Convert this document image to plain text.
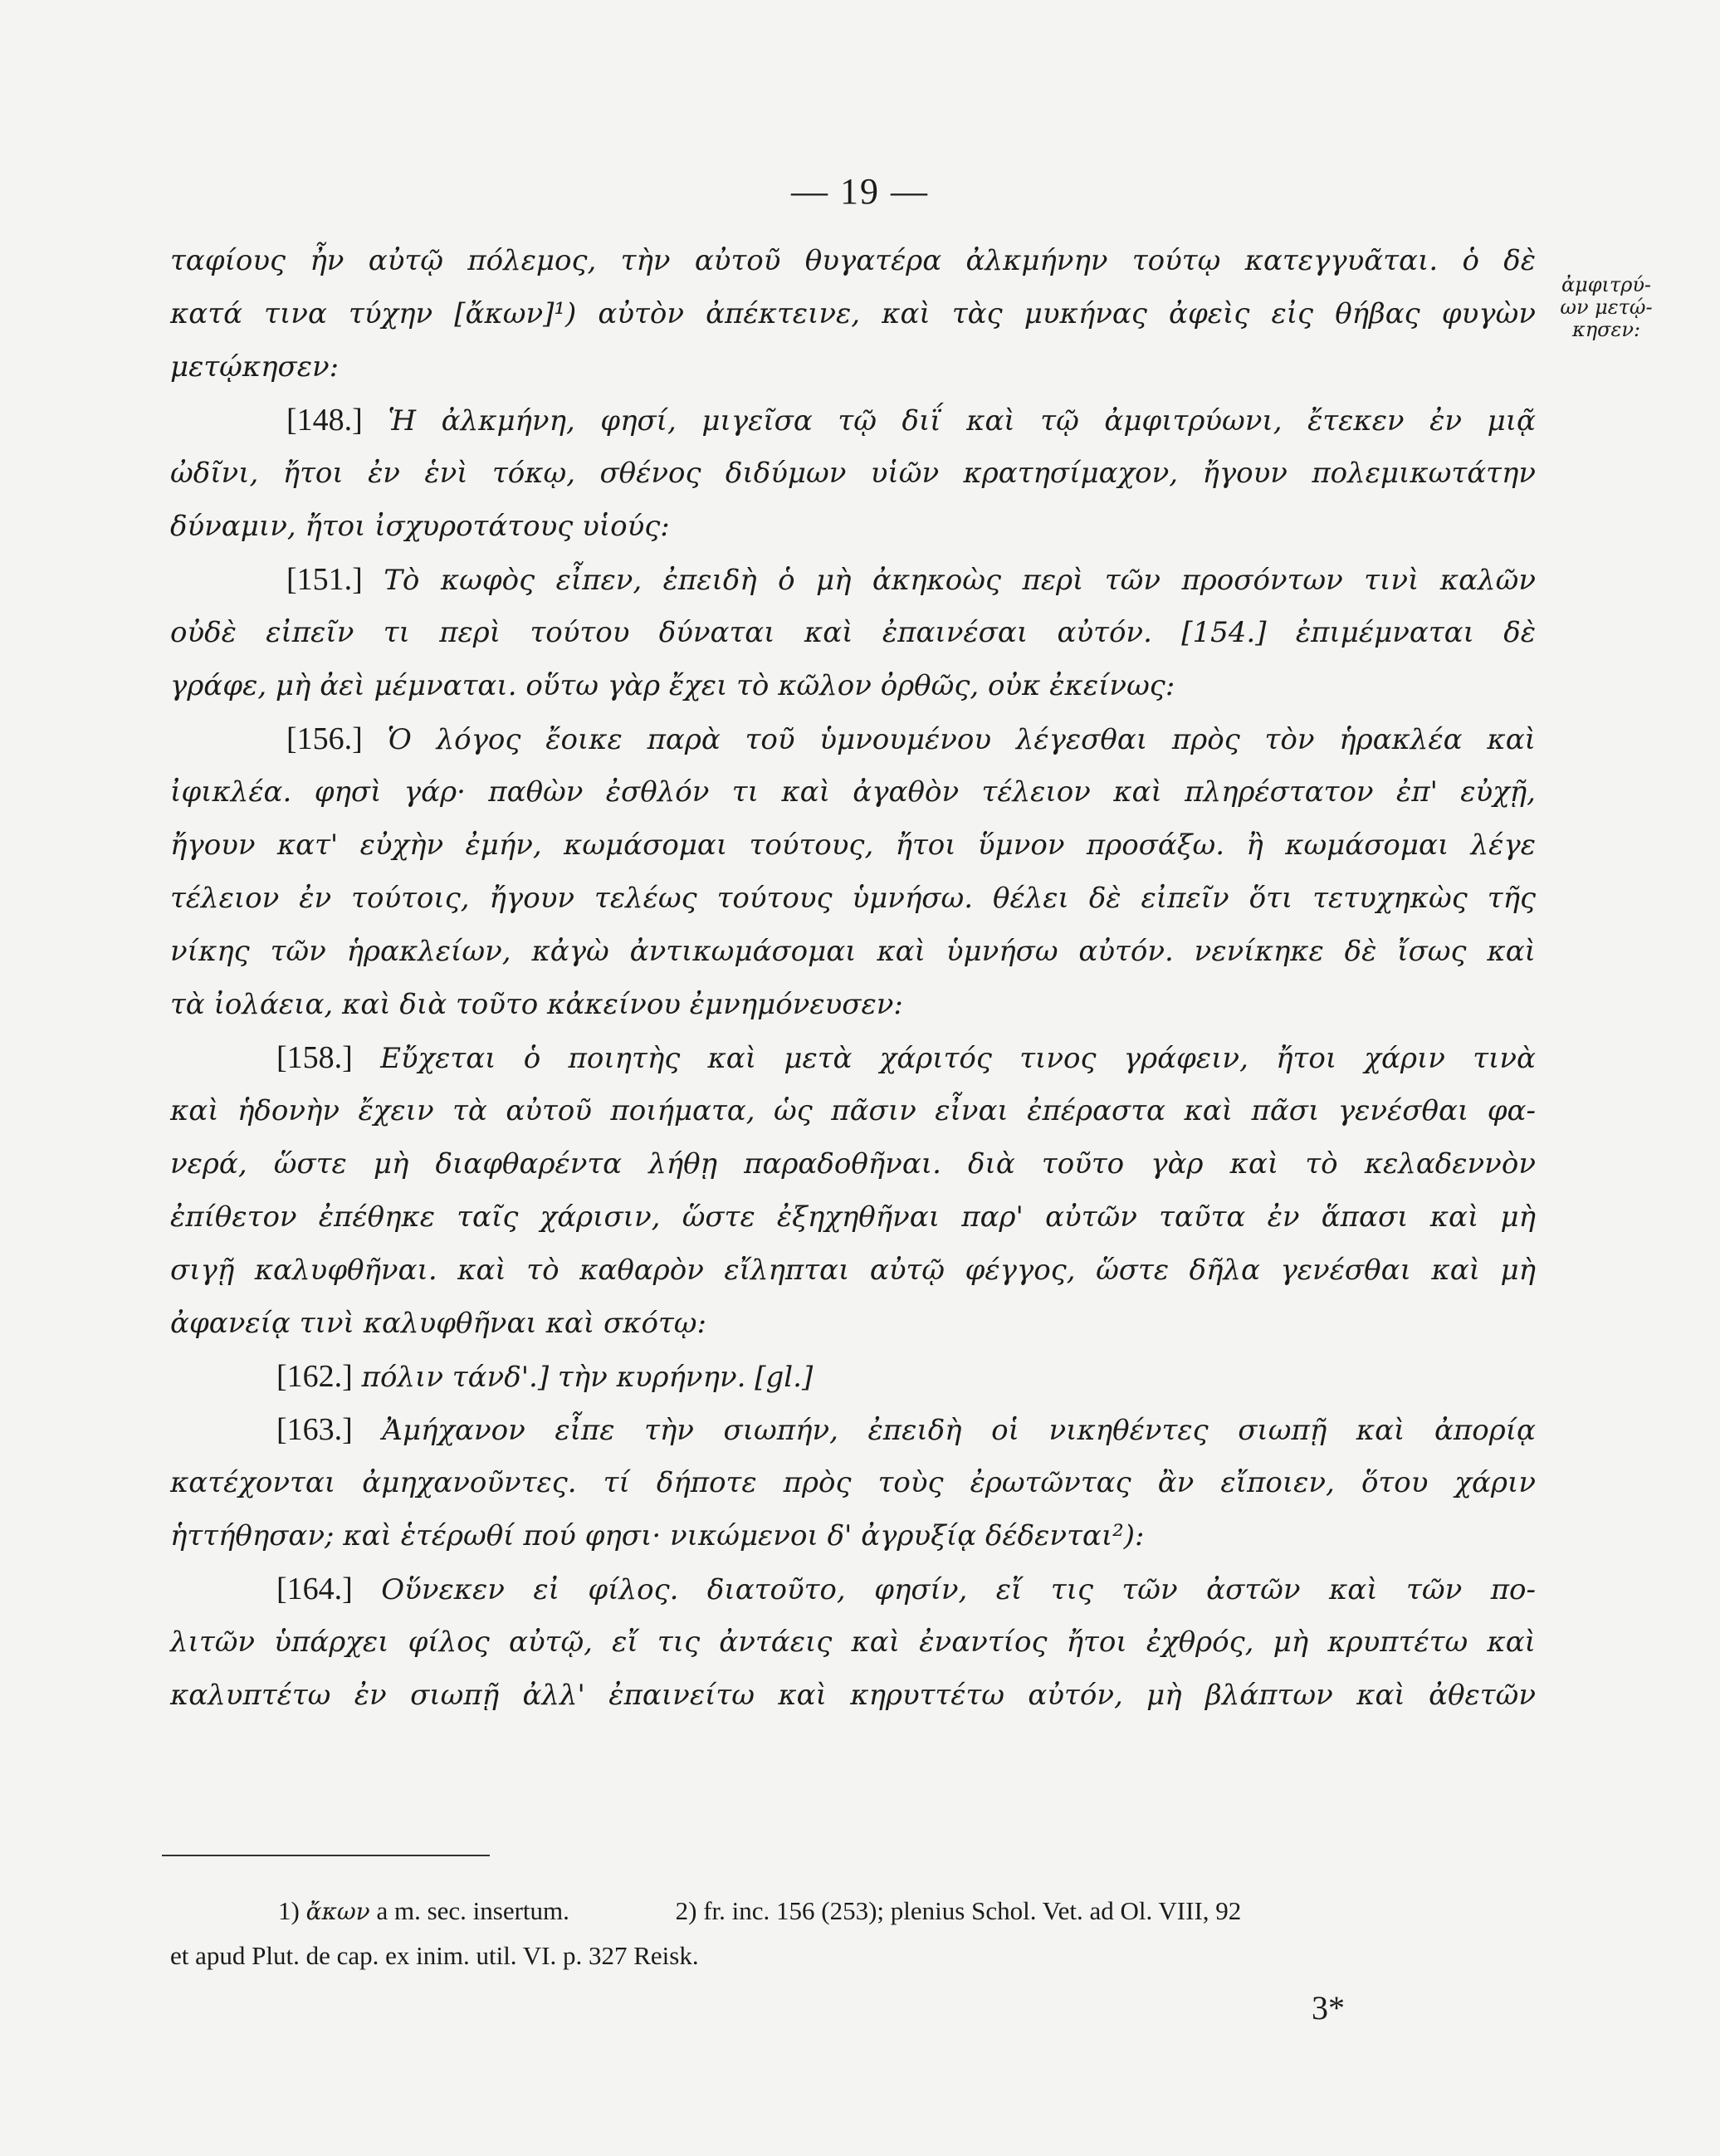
— 19 —
ἀμφιτρύ-
ων μετῴ-
κησεν:
ταφίους ἦν αὐτῷ πόλεμος, τὴν αὐτοῦ θυγατέρα ἀλκμήνην τούτῳ κατεγγυᾶται. ὁ δὲ
κατά τινα τύχην [ἄκων]¹) αὐτὸν ἀπέκτεινε, καὶ τὰς μυκήνας ἀφεὶς εἰς θήβας φυγὼν
μετῴκησεν:
[148.] Ἡ ἀλκμήνη, φησί, μιγεῖσα τῷ διΐ καὶ τῷ ἀμφιτρύωνι, ἔτεκεν ἐν μιᾷ
ὠδῖνι, ἤτοι ἐν ἑνὶ τόκῳ, σθένος διδύμων υἱῶν κρατησίμαχον, ἤγουν πολεμικωτάτην
δύναμιν, ἤτοι ἰσχυροτάτους υἱούς:
[151.] Τὸ κωφὸς εἶπεν, ἐπειδὴ ὁ μὴ ἀκηκοὼς περὶ τῶν προσόντων τινὶ καλῶν
οὐδὲ εἰπεῖν τι περὶ τούτου δύναται καὶ ἐπαινέσαι αὐτόν. [154.] ἐπιμέμναται δὲ
γράφε, μὴ ἀεὶ μέμναται. οὕτω γὰρ ἔχει τὸ κῶλον ὀρθῶς, οὐκ ἐκείνως:
[156.] Ὁ λόγος ἔοικε παρὰ τοῦ ὑμνουμένου λέγεσθαι πρὸς τὸν ἡρακλέα καὶ
ἰφικλέα. φησὶ γάρ· παθὼν ἐσθλόν τι καὶ ἀγαθὸν τέλειον καὶ πληρέστατον ἐπ' εὐχῇ,
ἤγουν κατ' εὐχὴν ἐμήν, κωμάσομαι τούτους, ἤτοι ὕμνον προσάξω. ἢ κωμάσομαι λέγε
τέλειον ἐν τούτοις, ἤγουν τελέως τούτους ὑμνήσω. θέλει δὲ εἰπεῖν ὅτι τετυχηκὼς τῆς
νίκης τῶν ἡρακλείων, κἀγὼ ἀντικωμάσομαι καὶ ὑμνήσω αὐτόν. νενίκηκε δὲ ἴσως καὶ
τὰ ἰολάεια, καὶ διὰ τοῦτο κἀκείνου ἐμνημόνευσεν:
[158.] Εὔχεται ὁ ποιητὴς καὶ μετὰ χάριτός τινος γράφειν, ἤτοι χάριν τινὰ
καὶ ἡδονὴν ἔχειν τὰ αὐτοῦ ποιήματα, ὡς πᾶσιν εἶναι ἐπέραστα καὶ πᾶσι γενέσθαι φα-
νερά, ὥστε μὴ διαφθαρέντα λήθῃ παραδοθῆναι. διὰ τοῦτο γὰρ καὶ τὸ κελαδεννὸν
ἐπίθετον ἐπέθηκε ταῖς χάρισιν, ὥστε ἐξηχηθῆναι παρ' αὐτῶν ταῦτα ἐν ἅπασι καὶ μὴ
σιγῇ καλυφθῆναι. καὶ τὸ καθαρὸν εἴληπται αὐτῷ φέγγος, ὥστε δῆλα γενέσθαι καὶ μὴ
ἀφανείᾳ τινὶ καλυφθῆναι καὶ σκότῳ:
[162.] πόλιν τάνδ'.] τὴν κυρήνην. [gl.]
[163.] Ἀμήχανον εἶπε τὴν σιωπήν, ἐπειδὴ οἱ νικηθέντες σιωπῇ καὶ ἀπορίᾳ
κατέχονται ἀμηχανοῦντες. τί δήποτε πρὸς τοὺς ἐρωτῶντας ἂν εἴποιεν, ὅτου χάριν
ἡττήθησαν; καὶ ἑτέρωθί πού φησι· νικώμενοι δ' ἀγρυξίᾳ δέδενται²):
[164.] Οὕνεκεν εἰ φίλος. διατοῦτο, φησίν, εἴ τις τῶν ἀστῶν καὶ τῶν πο-
λιτῶν ὑπάρχει φίλος αὐτῷ, εἴ τις ἀντάεις καὶ ἐναντίος ἤτοι ἐχθρός, μὴ κρυπτέτω καὶ
καλυπτέτω ἐν σιωπῇ ἀλλ' ἐπαινείτω καὶ κηρυττέτω αὐτόν, μὴ βλάπτων καὶ ἀθετῶν
1) ἄκων a m. sec. insertum.	2) fr. inc. 156 (253); plenius Schol. Vet. ad Ol. VIII, 92
et apud Plut. de cap. ex inim. util. VI. p. 327 Reisk.
3*
